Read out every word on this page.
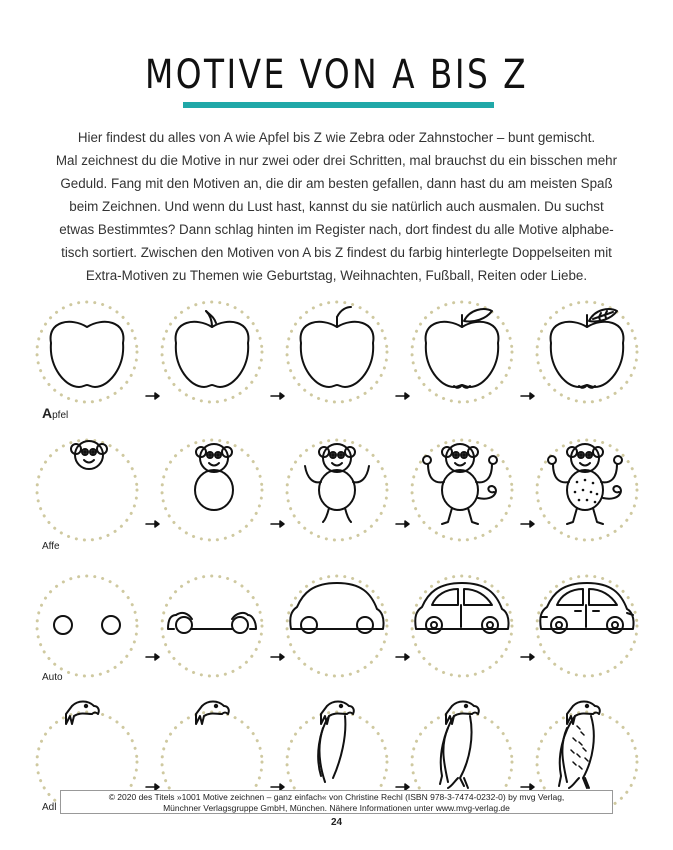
MOTIVE VON A BIS Z
Hier findest du alles von A wie Apfel bis Z wie Zebra oder Zahnstocher – bunt gemischt.
Mal zeichnest du die Motive in nur zwei oder drei Schritten, mal brauchst du ein bisschen mehr
Geduld. Fang mit den Motiven an, die dir am besten gefallen, dann hast du am meisten Spaß
beim Zeichnen. Und wenn du Lust hast, kannst du sie natürlich auch ausmalen. Du suchst
etwas Bestimmtes? Dann schlag hinten im Register nach, dort findest du alle Motive alphabe-
tisch sortiert. Zwischen den Motiven von A bis Z findest du farbig hinterlegte Doppelseiten mit
Extra-Motiven zu Themen wie Geburtstag, Weihnachten, Fußball, Reiten oder Liebe.
Apfel
Affe
Auto
Adl
© 2020 des Titels »1001 Motive zeichnen – ganz einfach« von Christine Rechl (ISBN 978-3-7474-0232-0) by mvg Verlag,
Münchner Verlagsgruppe GmbH, München. Nähere Informationen unter www.mvg-verlag.de
24
